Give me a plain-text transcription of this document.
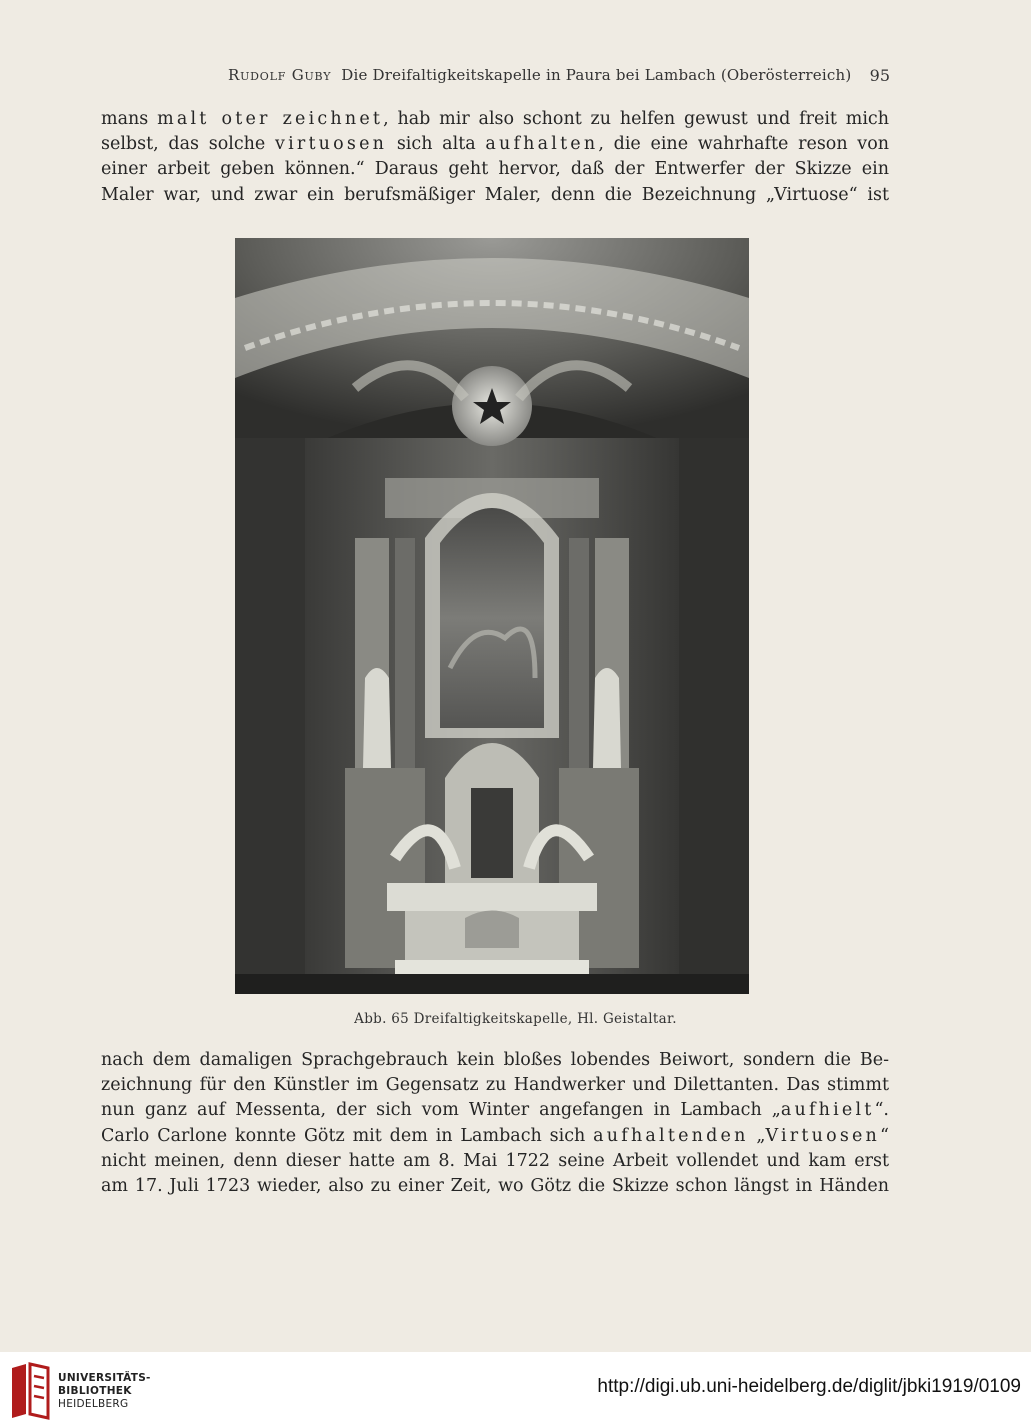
Rudolf Guby Die Dreifaltigkeitskapelle in Paura bei Lambach (Oberösterreich) 95
mans malt oter zeichnet, hab mir also schont zu helfen gewust und freit mich
selbst, das solche virtuosen sich alta aufhalten, die eine wahrhafte reson von
einer arbeit geben können.“ Daraus geht hervor, daß der Entwerfer der Skizze ein
Maler war, und zwar ein berufsmäßiger Maler, denn die Bezeichnung „Virtuose“ ist
Abb. 65 Dreifaltigkeitskapelle, Hl. Geistaltar.
nach dem damaligen Sprachgebrauch kein bloßes lobendes Beiwort, sondern die Be-
zeichnung für den Künstler im Gegensatz zu Handwerker und Dilettanten. Das stimmt
nun ganz auf Messenta, der sich vom Winter angefangen in Lambach „aufhielt“.
Carlo Carlone konnte Götz mit dem in Lambach sich aufhaltenden „Virtuosen“
nicht meinen, denn dieser hatte am 8. Mai 1722 seine Arbeit vollendet und kam erst
am 17. Juli 1723 wieder, also zu einer Zeit, wo Götz die Skizze schon längst in Händen
UNIVERSITÄTS-
BIBLIOTHEK
HEIDELBERG
http://digi.ub.uni-heidelberg.de/diglit/jbki1919/0109
